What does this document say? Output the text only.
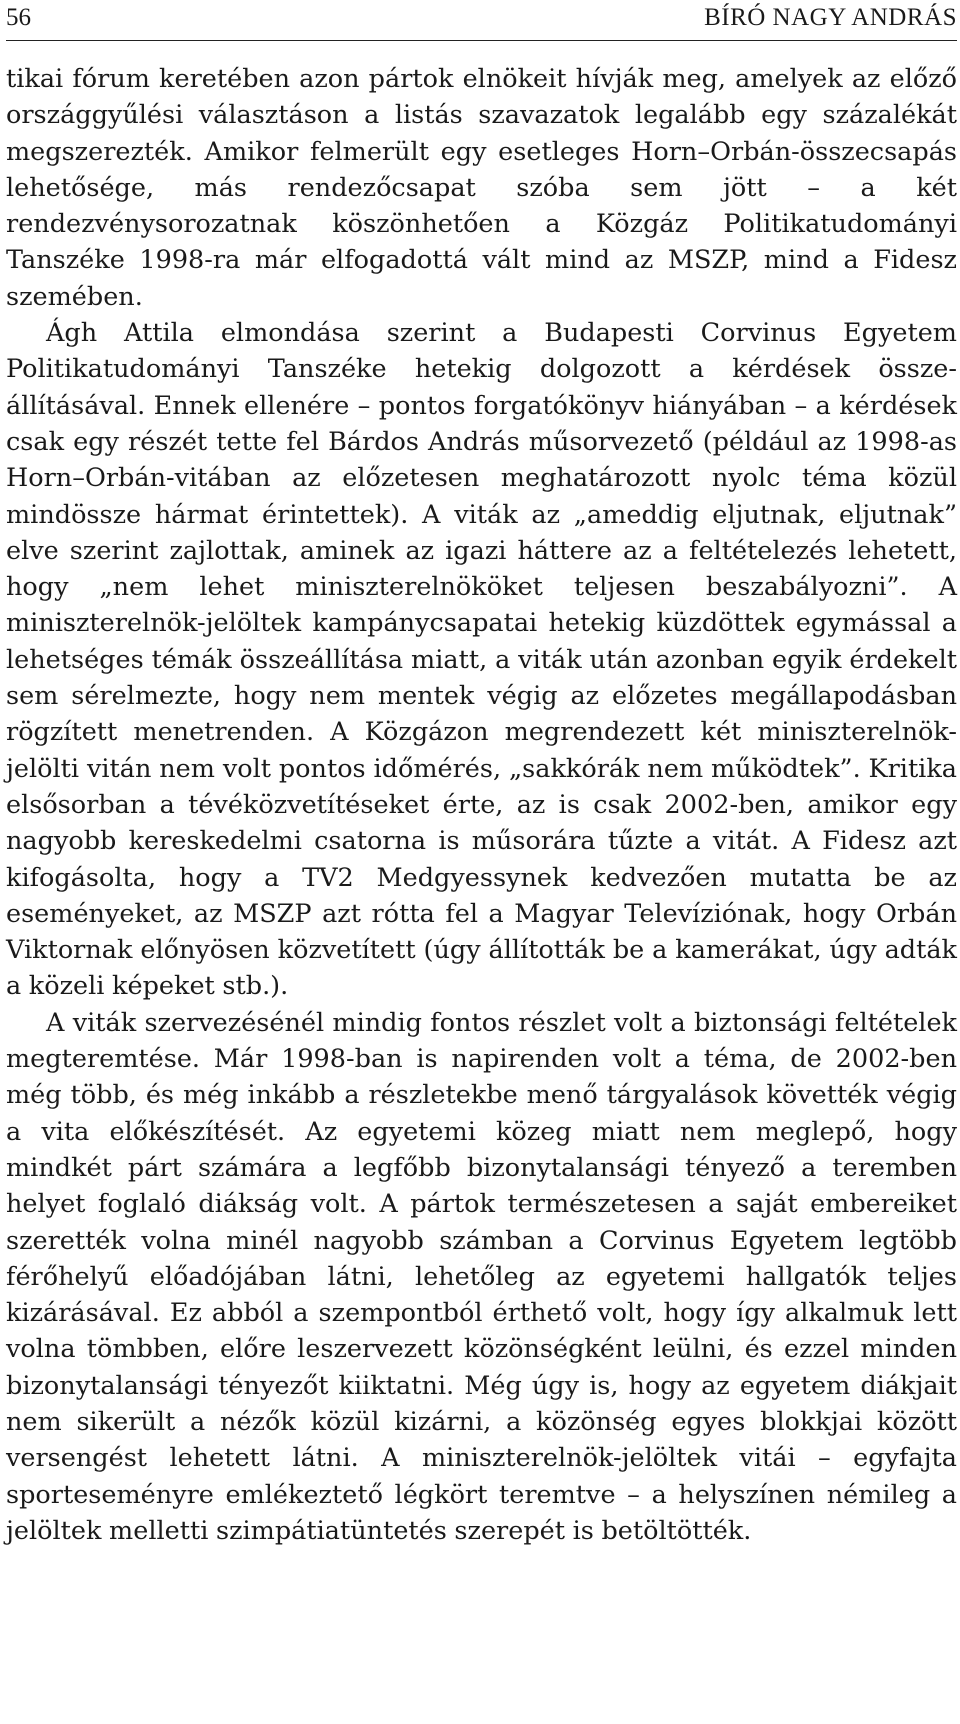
56	BÍRÓ NAGY ANDRÁS

tikai fórum keretében azon pártok elnökeit hívják meg, amelyek az előző országgyűlési választáson a listás szavazatok legalább egy százalékát megszerezték. Amikor felmerült egy esetleges Horn–Orbán-összecsapás lehetősége, más rendezőcsapat szóba sem jött – a két rendezvénysorozatnak köszönhetően a Közgáz Politikatudományi Tanszéke 1998-ra már elfogadottá vált mind az MSZP, mind a Fidesz szemében.

Ágh Attila elmondása szerint a Budapesti Corvinus Egyetem Politikatudományi Tanszéke hetekig dolgozott a kérdések összeállításával. Ennek ellenére – pontos forgatókönyv hiányában – a kérdések csak egy részét tette fel Bárdos András műsorvezető (például az 1998-as Horn–Orbán-vitában az előzetesen meghatározott nyolc téma közül mindössze hármat érintettek). A viták az „ameddig eljutnak, eljutnak” elve szerint zajlottak, aminek az igazi háttere az a feltételezés lehetett, hogy „nem lehet miniszterelnököket teljesen beszabályozni”. A miniszterelnök-jelöltek kampánycsapatai hetekig küzdöttek egymással a lehetséges témák összeállítása miatt, a viták után azonban egyik érdekelt sem sérelmezte, hogy nem mentek végig az előzetes megállapodásban rögzített menetrenden. A Közgázon megrendezett két miniszterelnök-jelölti vitán nem volt pontos időmérés, „sakkórák nem működtek”. Kritika elsősorban a tévéközvetítéseket érte, az is csak 2002-ben, amikor egy nagyobb kereskedelmi csatorna is műsorára tűzte a vitát. A Fidesz azt kifogásolta, hogy a TV2 Medgyessynek kedvezően mutatta be az eseményeket, az MSZP azt rótta fel a Magyar Televíziónak, hogy Orbán Viktornak előnyösen közvetített (úgy állították be a kamerákat, úgy adták a közeli képeket stb.).

A viták szervezésénél mindig fontos részlet volt a biztonsági feltételek megteremtése. Már 1998-ban is napirenden volt a téma, de 2002-ben még több, és még inkább a részletekbe menő tárgyalások követték végig a vita előkészítését. Az egyetemi közeg miatt nem meglepő, hogy mindkét párt számára a legfőbb bizonytalansági tényező a teremben helyet foglaló diákság volt. A pártok természetesen a saját embereiket szerették volna minél nagyobb számban a Corvinus Egyetem legtöbb férőhelyű előadójában látni, lehetőleg az egyetemi hallgatók teljes kizárásával. Ez abból a szempontból érthető volt, hogy így alkalmuk lett volna tömbben, előre leszervezett közönségként leülni, és ezzel minden bizonytalansági tényezőt kiiktatni. Még úgy is, hogy az egyetem diákjait nem sikerült a nézők közül kizárni, a közönség egyes blokkjai között versengést lehetett látni. A miniszterelnök-jelöltek vitái – egyfajta sporteseményre emlékeztető légkört teremtve – a helyszínen némileg a jelöltek melletti szimpátiatüntetés szerepét is betöltötték.
